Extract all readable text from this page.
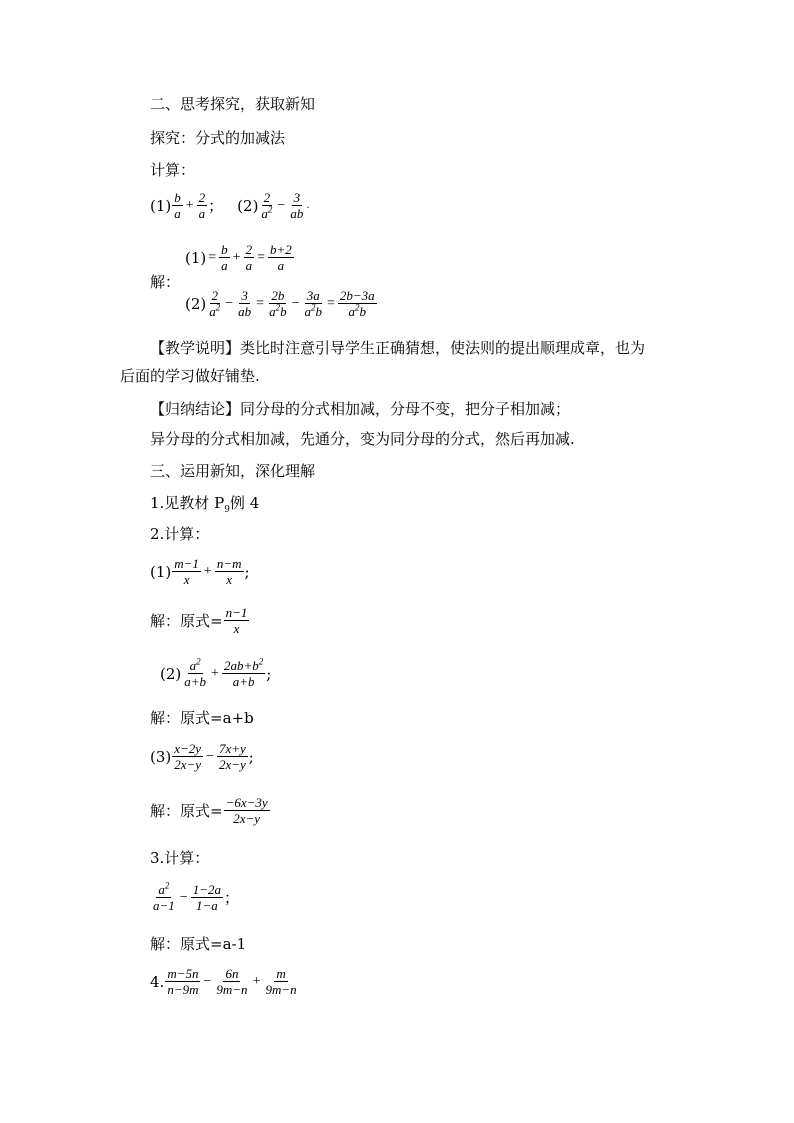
二、思考探究，获取新知
探究：分式的加减法
计算：
$(1) \frac{b}{a} + \frac{2}{a}$ ； $(2) \frac{2}{a^2} - \frac{3}{ab}$ .
解：
$(1) = \frac{b}{a} + \frac{2}{a} = \frac{b+2}{a}$
$(2) \frac{2}{a^2} - \frac{3}{ab} = \frac{2b}{a^2b} - \frac{3a}{a^2b} = \frac{2b-3a}{a^2b}$
【教学说明】类比时注意引导学生正确猜想，使法则的提出顺理成章，也为
后面的学习做好铺垫.
【归纳结论】同分母的分式相加减，分母不变，把分子相加减；
异分母的分式相加减，先通分，变为同分母的分式，然后再加减.
三、运用新知，深化理解
1.见教材 $P_9$例 4
2.计算：
$(1) \frac{m-1}{x} + \frac{n-m}{x}$ ;
解：原式= $\frac{n-1}{x}$
$(2) \frac{a^2}{a+b} + \frac{2ab+b^2}{a+b}$ ;
解：原式=a+b
$(3) \frac{x-2y}{2x-y} - \frac{7x+y}{2x-y}$ ;
解：原式= $\frac{-6x-3y}{2x-y}$
3.计算：
$\frac{a^2}{a-1} - \frac{1-2a}{1-a}$ ；
解：原式=a-1
4. $\frac{m-5n}{n-9m} - \frac{6n}{9m-n} + \frac{m}{9m-n}$
